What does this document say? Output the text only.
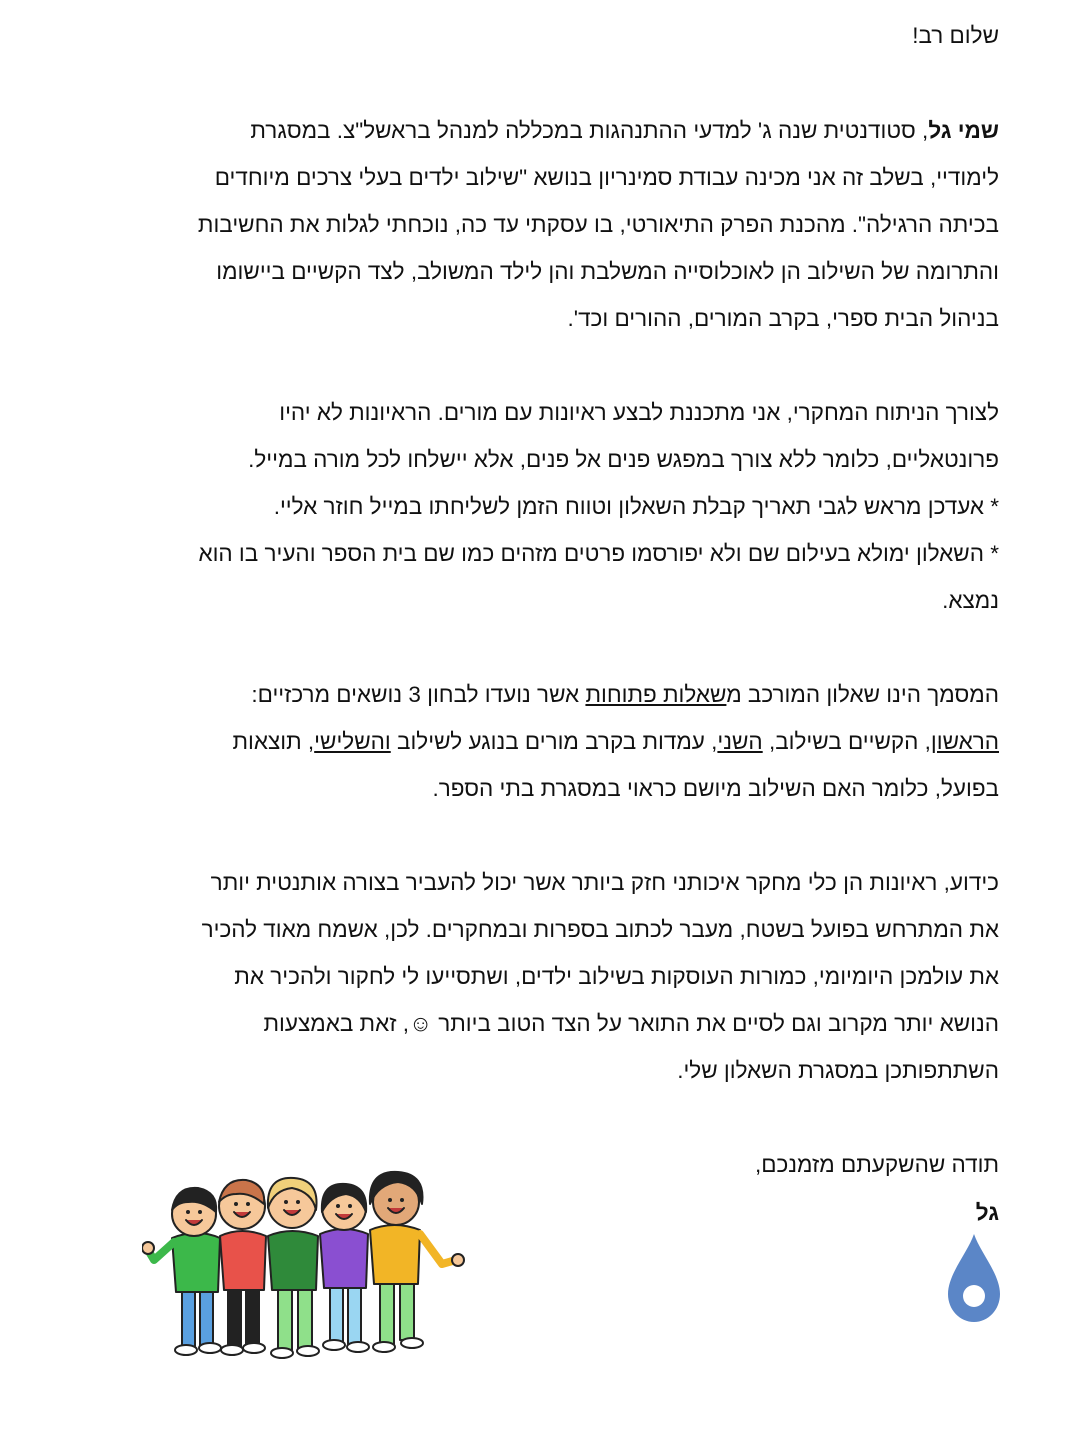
שלום רב!

שמי גל, סטודנטית שנה ג' למדעי ההתנהגות במכללה למנהל בראשל"צ. במסגרת
לימודיי, בשלב זה אני מכינה עבודת סמינריון בנושא "שילוב ילדים בעלי צרכים מיוחדים
בכיתה הרגילה". מהכנת הפרק התיאורטי, בו עסקתי עד כה, נוכחתי לגלות את החשיבות
והתרומה של השילוב הן לאוכלוסייה המשלבת והן לילד המשולב, לצד הקשיים ביישומו
בניהול הבית ספרי, בקרב המורים, ההורים וכד'.
לצורך הניתוח המחקרי, אני מתכננת לבצע ראיונות עם מורים. הראיונות לא יהיו
פרונטאליים, כלומר ללא צורך במפגש פנים אל פנים, אלא יישלחו לכל מורה במייל.
* אעדכן מראש לגבי תאריך קבלת השאלון וטווח הזמן לשליחתו במייל חוזר אליי.
* השאלון ימולא בעילום שם ולא יפורסמו פרטים מזהים כמו שם בית הספר והעיר בו הוא
נמצא.
המסמך הינו שאלון המורכב משאלות פתוחות אשר נועדו לבחון 3 נושאים מרכזיים:
הראשון, הקשיים בשילוב, השני, עמדות בקרב מורים בנוגע לשילוב והשלישי, תוצאות
בפועל, כלומר האם השילוב מיושם כראוי במסגרת בתי הספר.
כידוע, ראיונות הן כלי מחקר איכותני חזק ביותר אשר יכול להעביר בצורה אותנטית יותר
את המתרחש בפועל בשטח, מעבר לכתוב בספרות ובמחקרים. לכן, אשמח מאוד להכיר
את עולמכן היומיומי, כמורות העוסקות בשילוב ילדים, ושתסייעו לי לחקור ולהכיר את
הנושא יותר מקרוב וגם לסיים את התואר על הצד הטוב ביותר ☺, זאת באמצעות
השתתפותכן במסגרת השאלון שלי.

תודה שהשקעתם מזמנכם,

גל
